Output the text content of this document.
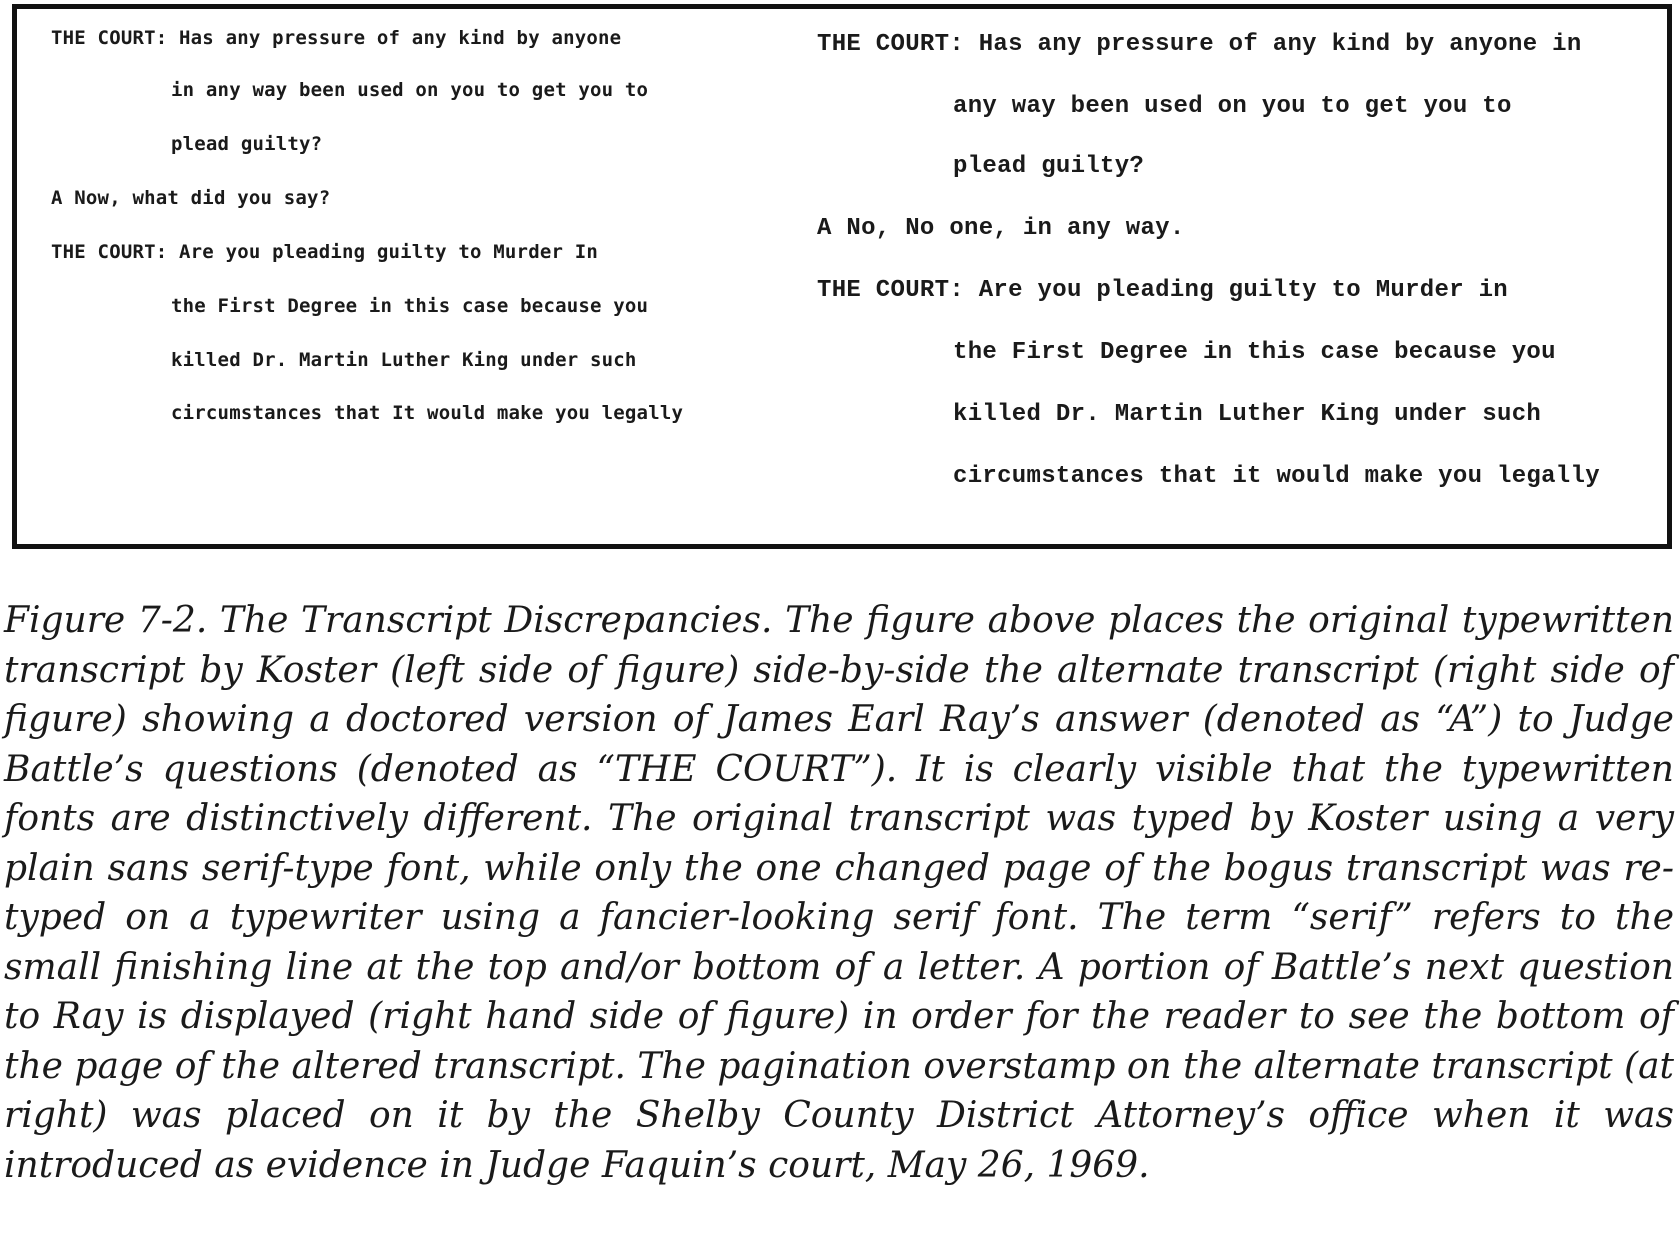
THE COURT: Has any pressure of any kind by anyone
in any way been used on you to get you to
plead guilty?
A Now, what did you say?
THE COURT: Are you pleading guilty to Murder In
the First Degree in this case because you
killed Dr. Martin Luther King under such
circumstances that It would make you legally
THE COURT: Has any pressure of any kind by anyone in
any way been used on you to get you to
plead guilty?
A No, No one, in any way.
THE COURT: Are you pleading guilty to Murder in
the First Degree in this case because you
killed Dr. Martin Luther King under such
circumstances that it would make you legally
Figure 7-2. The Transcript Discrepancies. The figure above places the original typewritten transcript by Koster (left side of figure) side-by-side the alternate transcript (right side of figure) showing a doctored version of James Earl Ray’s answer (denoted as “A”) to Judge Battle’s questions (denoted as “THE COURT”). It is clearly visible that the typewritten fonts are distinctively different. The original transcript was typed by Koster using a very plain sans serif-type font, while only the one changed page of the bogus transcript was re-typed on a typewriter using a fancier-looking serif font. The term “serif” refers to the small finishing line at the top and/or bottom of a letter. A portion of Battle’s next question to Ray is displayed (right hand side of figure) in order for the reader to see the bottom of the page of the altered transcript. The pagination overstamp on the alternate transcript (at right) was placed on it by the Shelby County District Attorney’s office when it was introduced as evidence in Judge Faquin’s court, May 26, 1969.
